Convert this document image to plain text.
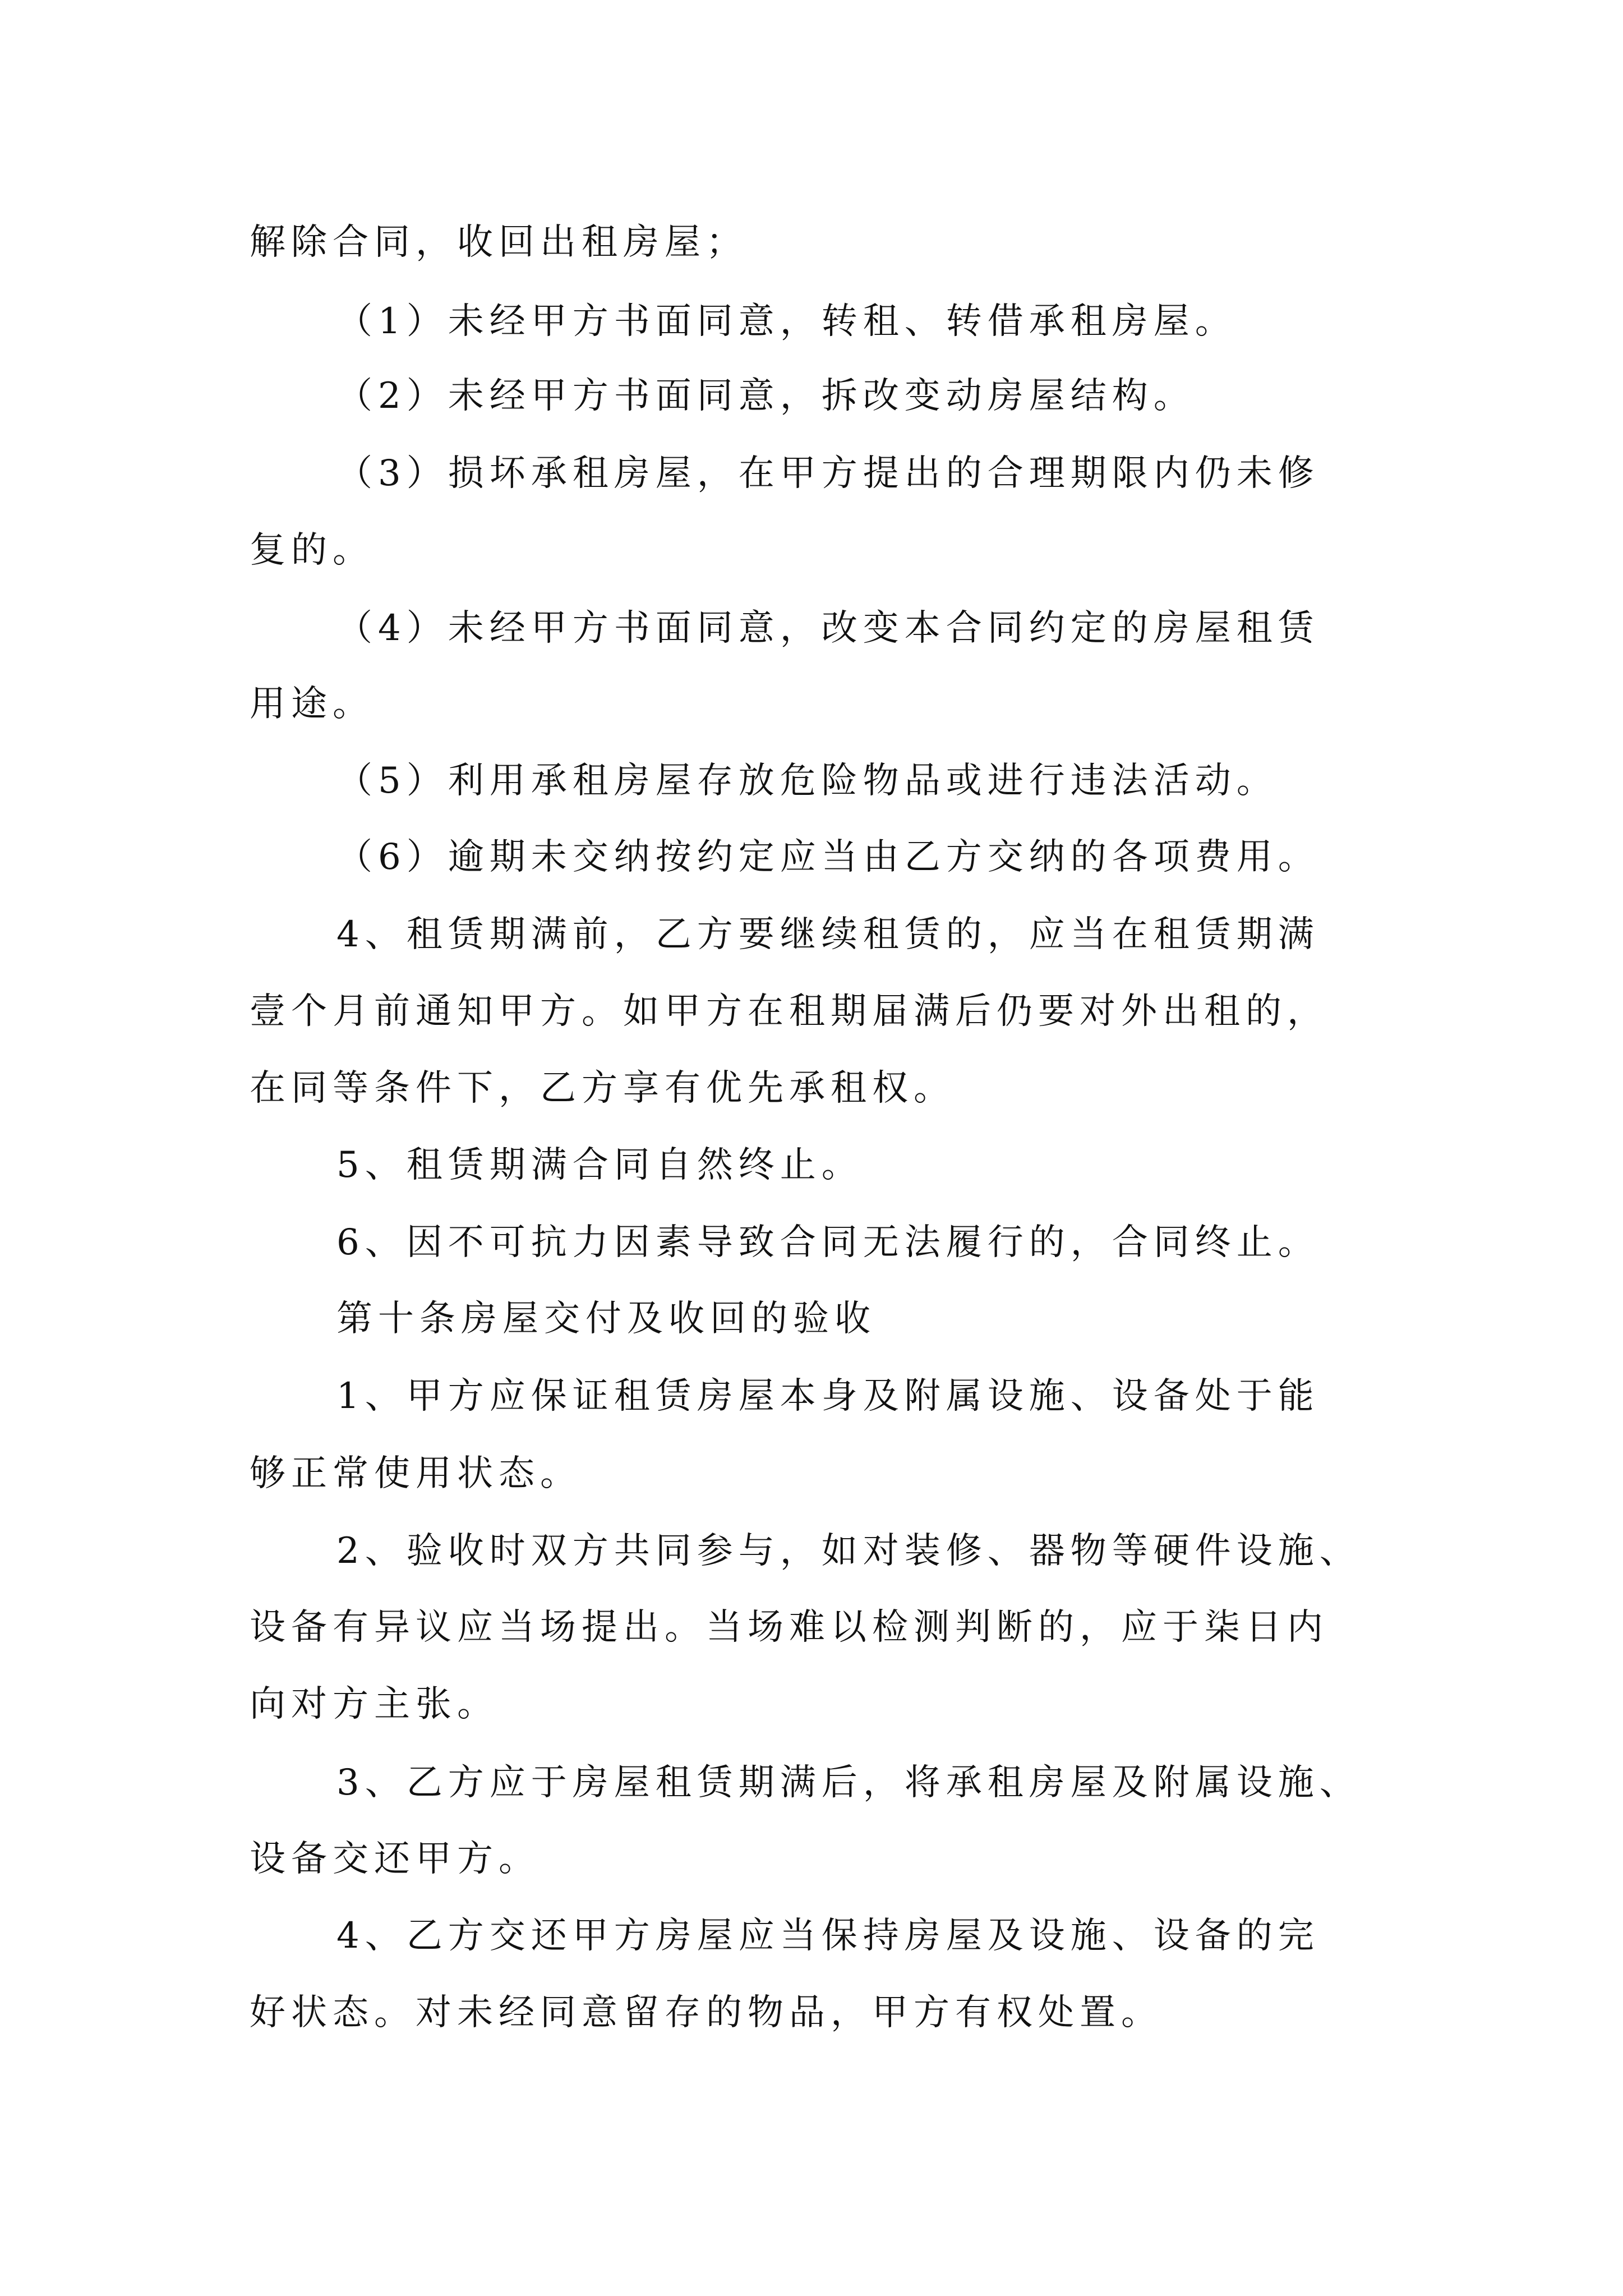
解除合同，收回出租房屋；
（1）未经甲方书面同意，转租、转借承租房屋。
（2）未经甲方书面同意，拆改变动房屋结构。
（3）损坏承租房屋，在甲方提出的合理期限内仍未修
复的。
（4）未经甲方书面同意，改变本合同约定的房屋租赁
用途。
（5）利用承租房屋存放危险物品或进行违法活动。
（6）逾期未交纳按约定应当由乙方交纳的各项费用。
4、租赁期满前，乙方要继续租赁的，应当在租赁期满
壹个月前通知甲方。如甲方在租期届满后仍要对外出租的，
在同等条件下，乙方享有优先承租权。
5、租赁期满合同自然终止。
6、因不可抗力因素导致合同无法履行的，合同终止。
第十条房屋交付及收回的验收
1、甲方应保证租赁房屋本身及附属设施、设备处于能
够正常使用状态。
2、验收时双方共同参与，如对装修、器物等硬件设施、
设备有异议应当场提出。当场难以检测判断的，应于柒日内
向对方主张。
3、乙方应于房屋租赁期满后，将承租房屋及附属设施、
设备交还甲方。
4、乙方交还甲方房屋应当保持房屋及设施、设备的完
好状态。对未经同意留存的物品，甲方有权处置。
